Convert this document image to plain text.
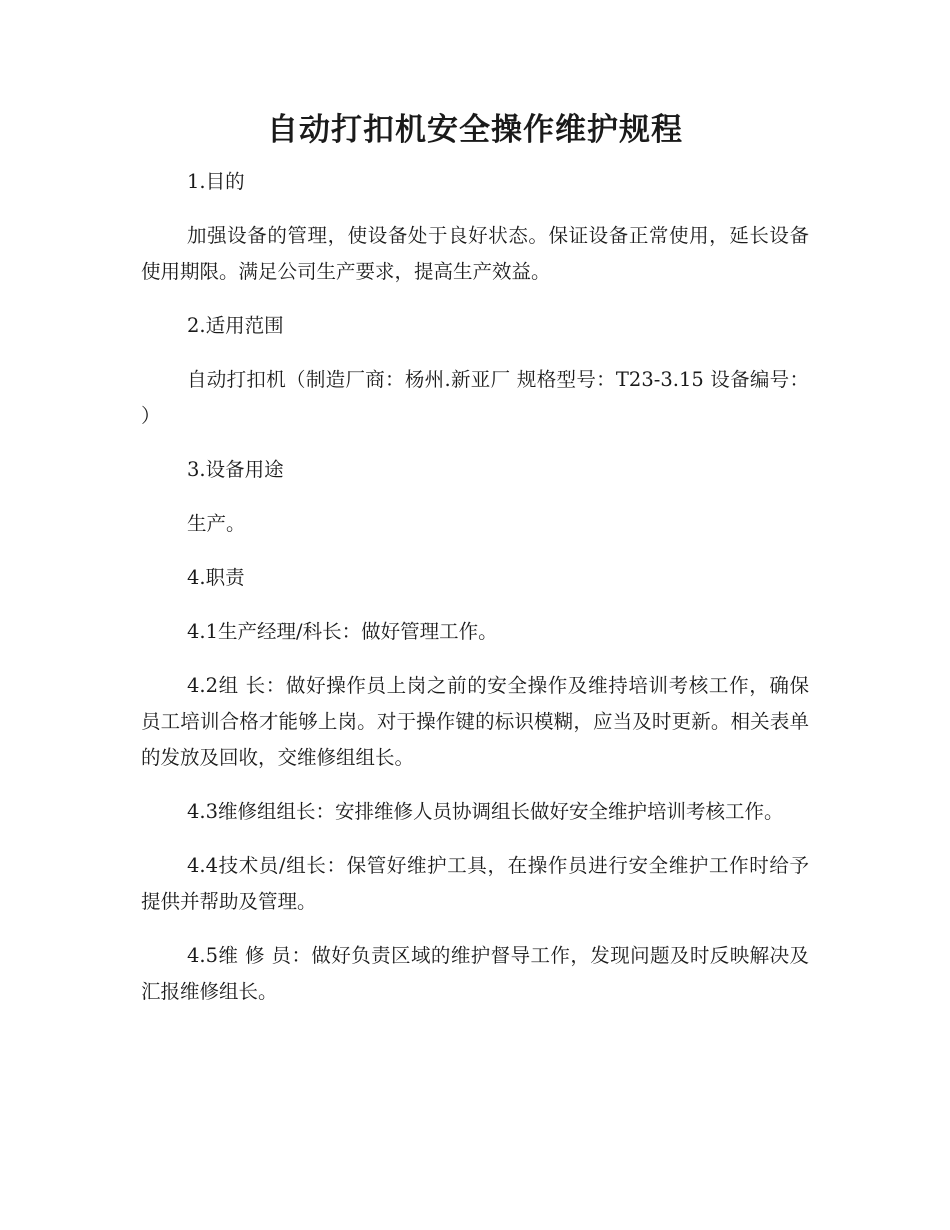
自动打扣机安全操作维护规程

1.目的

加强设备的管理，使设备处于良好状态。保证设备正常使用，延长设备使用期限。满足公司生产要求，提高生产效益。

2.适用范围

自动打扣机（制造厂商：杨州.新亚厂 规格型号：T23-3.15 设备编号： ）

3.设备用途

生产。

4.职责

4.1生产经理/科长：做好管理工作。

4.2组 长：做好操作员上岗之前的安全操作及维持培训考核工作，确保员工培训合格才能够上岗。对于操作键的标识模糊，应当及时更新。相关表单的发放及回收，交维修组组长。

4.3维修组组长：安排维修人员协调组长做好安全维护培训考核工作。

4.4技术员/组长：保管好维护工具，在操作员进行安全维护工作时给予提供并帮助及管理。

4.5维 修 员：做好负责区域的维护督导工作，发现问题及时反映解决及汇报维修组长。
